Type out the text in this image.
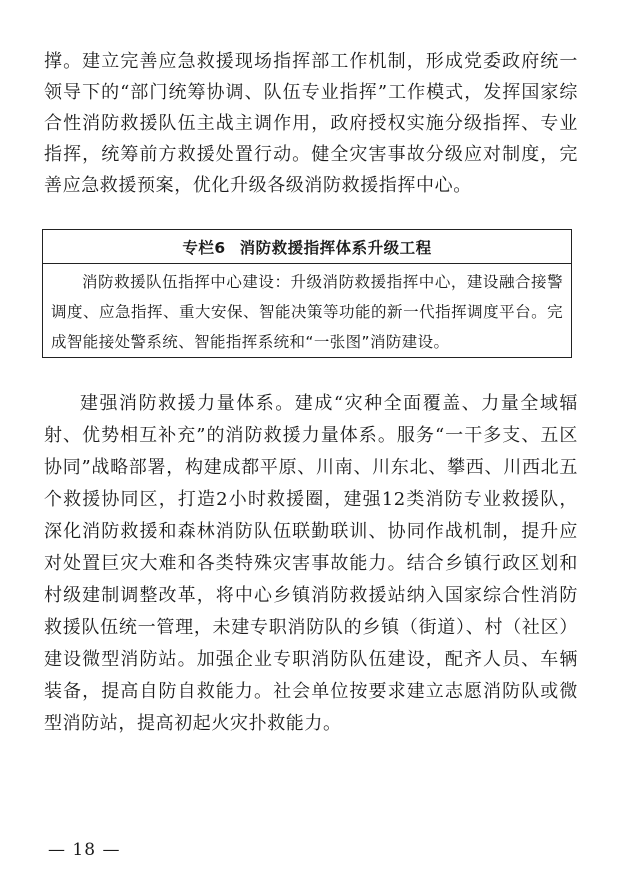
撑。建立完善应急救援现场指挥部工作机制，形成党委政府统一领导下的“部门统筹协调、队伍专业指挥”工作模式，发挥国家综合性消防救援队伍主战主调作用，政府授权实施分级指挥、专业指挥，统筹前方救援处置行动。健全灾害事故分级应对制度，完善应急救援预案，优化升级各级消防救援指挥中心。

专栏6 消防救援指挥体系升级工程
消防救援队伍指挥中心建设：升级消防救援指挥中心，建设融合接警调度、应急指挥、重大安保、智能决策等功能的新一代指挥调度平台。完成智能接处警系统、智能指挥系统和“一张图”消防建设。

建强消防救援力量体系。建成“灾种全面覆盖、力量全域辐射、优势相互补充”的消防救援力量体系。服务“一干多支、五区协同”战略部署，构建成都平原、川南、川东北、攀西、川西北五个救援协同区，打造2小时救援圈，建强12类消防专业救援队，深化消防救援和森林消防队伍联勤联训、协同作战机制，提升应对处置巨灾大难和各类特殊灾害事故能力。结合乡镇行政区划和村级建制调整改革，将中心乡镇消防救援站纳入国家综合性消防救援队伍统一管理，未建专职消防队的乡镇（街道）、村（社区）建设微型消防站。加强企业专职消防队伍建设，配齐人员、车辆装备，提高自防自救能力。社会单位按要求建立志愿消防队或微型消防站，提高初起火灾扑救能力。

— 18 —
